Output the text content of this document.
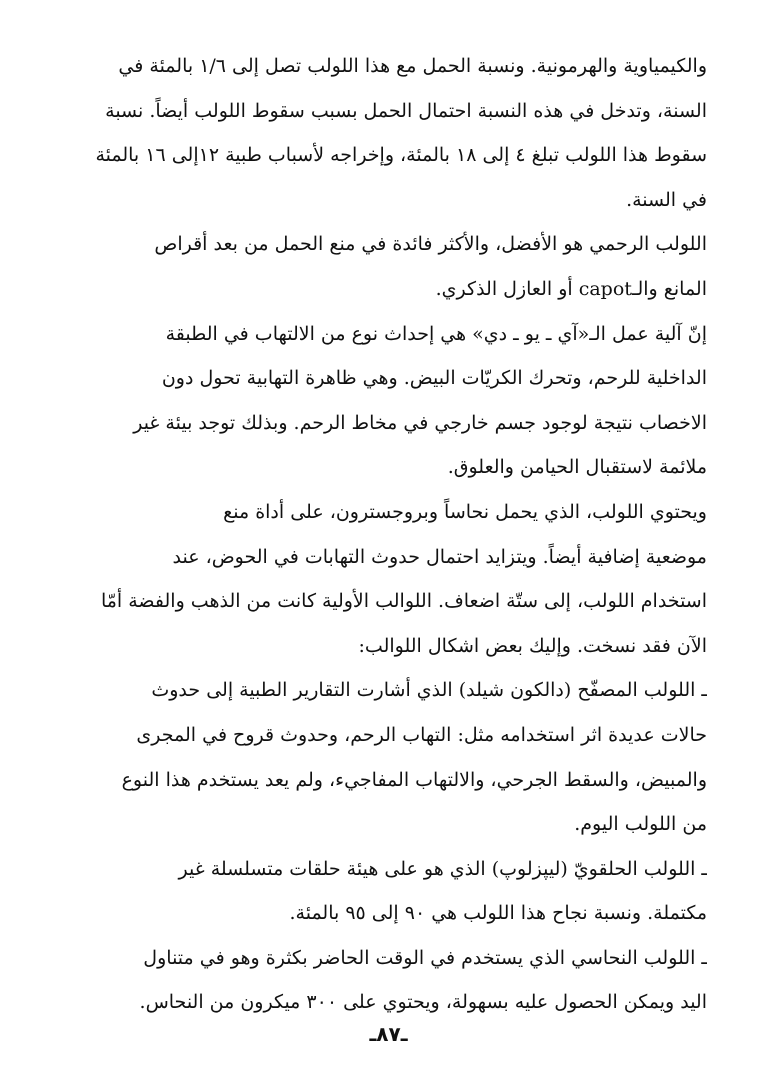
والكيمياوية والهرمونية. ونسبة الحمل مع هذا اللولب تصل إلى ١/٦ بالمئة في
السنة، وتدخل في هذه النسبة احتمال الحمل بسبب سقوط اللولب أيضاً. نسبة
سقوط هذا اللولب تبلغ ٤ إلى ١٨ بالمئة، وإخراجه لأسباب طبية ١٢إلى ١٦ بالمئة
في السنة.
اللولب الرحمي هو الأفضل، والأكثر فائدة في منع الحمل من بعد أقراص
المانع والـcapot أو العازل الذكري.
إنّ آلية عمل الـ«آي ـ يو ـ دي» هي إحداث نوع من الالتهاب في الطبقة
الداخلية للرحم، وتحرك الكريّات البيض. وهي ظاهرة التهابية تحول دون
الاخصاب نتيجة لوجود جسم خارجي في مخاط الرحم. وبذلك توجد بيئة غير
ملائمة لاستقبال الحيامن والعلوق.
ويحتوي اللولب، الذي يحمل نحاساً وبروجسترون، على أداة منع
موضعية إضافية أيضاً. ويتزايد احتمال حدوث التهابات في الحوض، عند
استخدام اللولب، إلى ستّة اضعاف. اللوالب الأولية كانت من الذهب والفضة أمّا
الآن فقد نسخت. وإليك بعض اشكال اللوالب:
ـ اللولب المصفّح (دالكون شيلد) الذي أشارت التقارير الطبية إلى حدوث
حالات عديدة اثر استخدامه مثل: التهاب الرحم، وحدوث قروح في المجرى
والمبيض، والسقط الجرحي، والالتهاب المفاجيء، ولم يعد يستخدم هذا النوع
من اللولب اليوم.
ـ اللولب الحلقويّ (ليپزلوپ) الذي هو على هيئة حلقات متسلسلة غير
مكتملة. ونسبة نجاح هذا اللولب هي ٩٠ إلى ٩٥ بالمئة.
ـ اللولب النحاسي الذي يستخدم في الوقت الحاضر بكثرة وهو في متناول
اليد ويمكن الحصول عليه بسهولة، ويحتوي على ٣٠٠ ميكرون من النحاس.
ـ٨٧ـ
